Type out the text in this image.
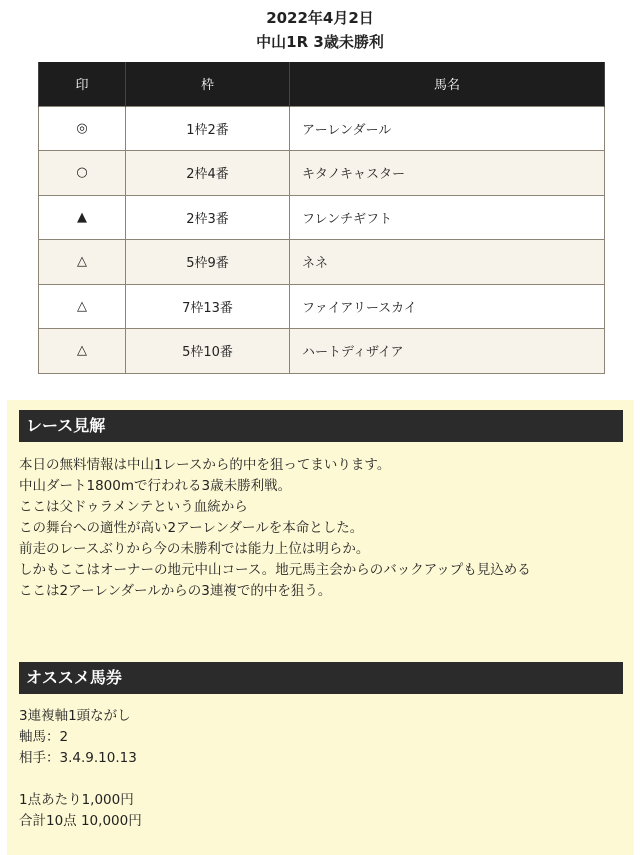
2022年4月2日
中山1R 3歳未勝利
印	枠	馬名
◎	1枠2番	アーレンダール
○	2枠4番	キタノキャスター
▲	2枠3番	フレンチギフト
△	5枠9番	ネネ
△	7枠13番	ファイアリースカイ
△	5枠10番	ハートディザイア
レース見解

本日の無料情報は中山1レースから的中を狙ってまいります。

中山ダート1800mで行われる3歳未勝利戦。

ここは父ドゥラメンテという血統から

この舞台への適性が高い2アーレンダールを本命とした。

前走のレースぶりから今の未勝利では能力上位は明らか。

しかもここはオーナーの地元中山コース。地元馬主会からのバックアップも見込める

ここは2アーレンダールからの3連複で的中を狙う。

オススメ馬券

3連複軸1頭ながし

軸馬：2

相手：3.4.9.10.13

1点あたり1,000円

合計10点 10,000円
